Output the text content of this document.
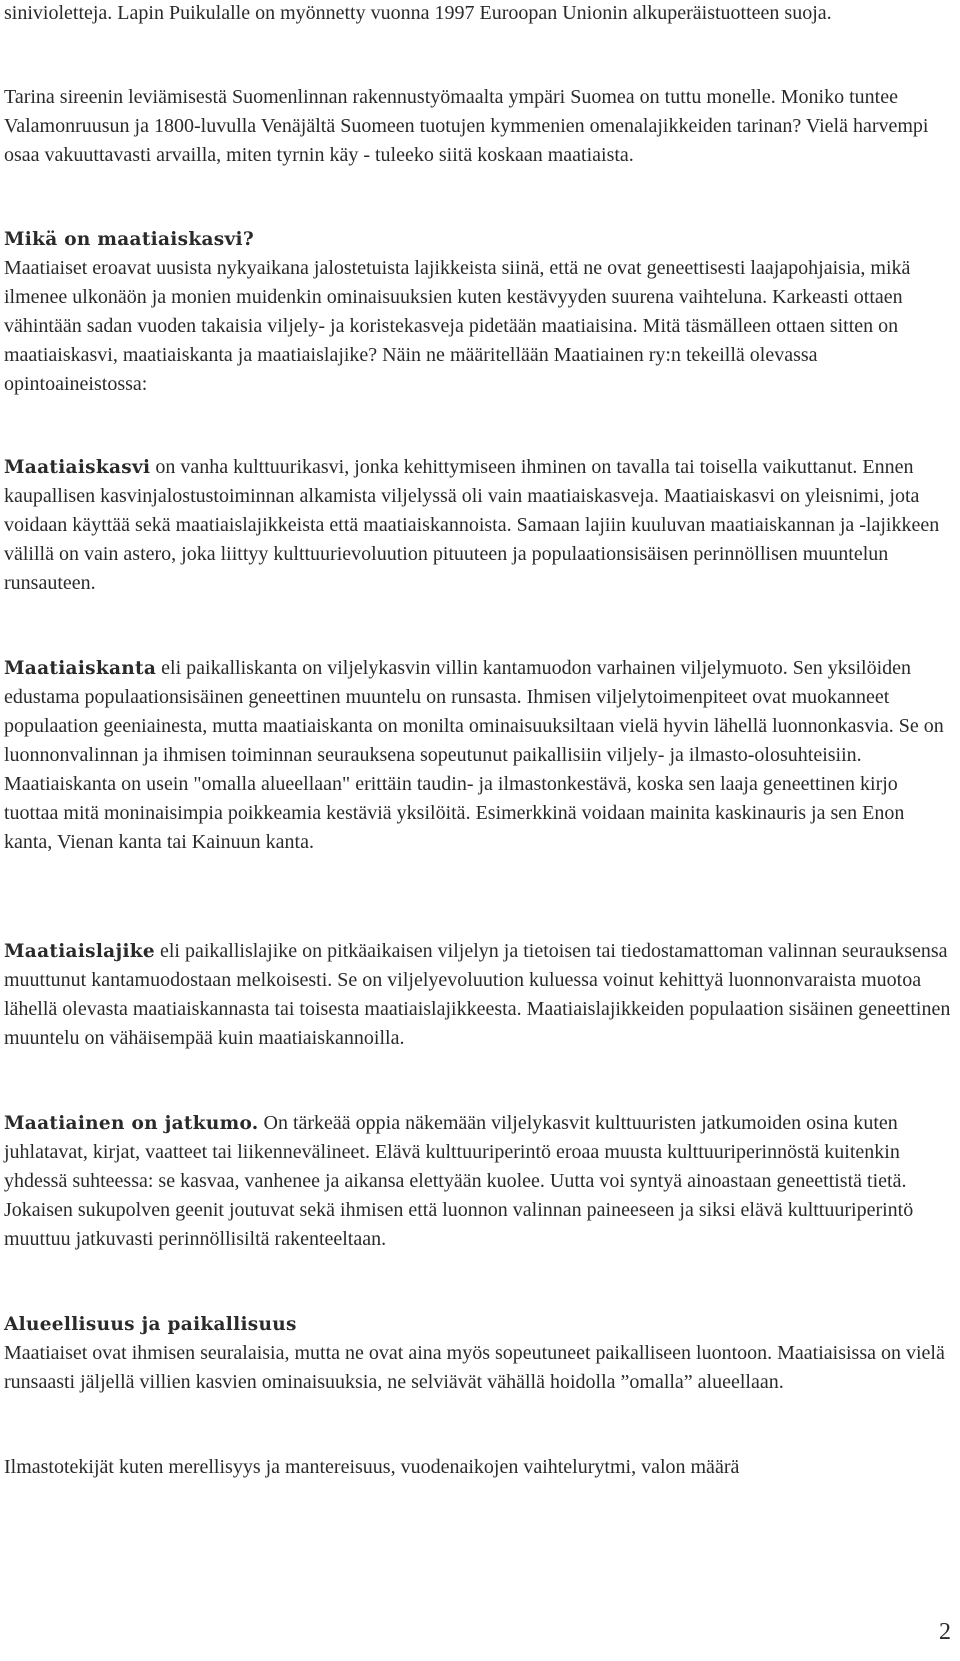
sinivioletteja. Lapin Puikulalle on myönnetty vuonna 1997 Euroopan Unionin alkuperäistuotteen suoja.

Tarina sireenin leviämisestä Suomenlinnan rakennustyömaalta ympäri Suomea on tuttu monelle. Moniko tuntee Valamonruusun ja 1800-luvulla Venäjältä Suomeen tuotujen kymmenien omenalajikkeiden tarinan? Vielä harvempi osaa vakuuttavasti arvailla, miten tyrnin käy - tuleeko siitä koskaan maatiaista.

Mikä on maatiaiskasvi?
Maatiaiset eroavat uusista nykyaikana jalostetuista lajikkeista siinä, että ne ovat geneettisesti laajapohjaisia, mikä ilmenee ulkonäön ja monien muidenkin ominaisuuksien kuten kestävyyden suurena vaihteluna. Karkeasti ottaen vähintään sadan vuoden takaisia viljely- ja koristekasveja pidetään maatiaisina. Mitä täsmälleen ottaen sitten on maatiaiskasvi, maatiaiskanta ja maatiaislajike? Näin ne määritellään Maatiainen ry:n tekeillä olevassa opintoaineistossa:

Maatiaiskasvi on vanha kulttuurikasvi, jonka kehittymiseen ihminen on tavalla tai toisella vaikuttanut. Ennen kaupallisen kasvinjalostustoiminnan alkamista viljelyssä oli vain maatiaiskasveja. Maatiaiskasvi on yleisnimi, jota voidaan käyttää sekä maatiaislajikkeista että maatiaiskannoista. Samaan lajiin kuuluvan maatiaiskannan ja -lajikkeen välillä on vain astero, joka liittyy kulttuurievoluution pituuteen ja populaationsisäisen perinnöllisen muuntelun runsauteen.

Maatiaiskanta eli paikalliskanta on viljelykasvin villin kantamuodon varhainen viljelymuoto. Sen yksilöiden edustama populaationsisäinen geneettinen muuntelu on runsasta. Ihmisen viljelytoimenpiteet ovat muokanneet populaation geeniainesta, mutta maatiaiskanta on monilta ominaisuuksiltaan vielä hyvin lähellä luonnonkasvia. Se on luonnonvalinnan ja ihmisen toiminnan seurauksena sopeutunut paikallisiin viljely- ja ilmasto-olosuhteisiin. Maatiaiskanta on usein "omalla alueellaan" erittäin taudin- ja ilmastonkestävä, koska sen laaja geneettinen kirjo tuottaa mitä moninaisimpia poikkeamia kestäviä yksilöitä. Esimerkkinä voidaan mainita kaskinauris ja sen Enon kanta, Vienan kanta tai Kainuun kanta.

Maatiaislajike eli paikallislajike on pitkäaikaisen viljelyn ja tietoisen tai tiedostamattoman valinnan seurauksensa muuttunut kantamuodostaan melkoisesti. Se on viljelyevoluution kuluessa voinut kehittyä luonnonvaraista muotoa lähellä olevasta maatiaiskannasta tai toisesta maatiaislajikkeesta. Maatiaislajikkeiden populaation sisäinen geneettinen muuntelu on vähäisempää kuin maatiaiskannoilla.

Maatiainen on jatkumo. On tärkeää oppia näkemään viljelykasvit kulttuuristen jatkumoiden osina kuten juhlatavat, kirjat, vaatteet tai liikennevälineet. Elävä kulttuuriperintö eroaa muusta kulttuuriperinnöstä kuitenkin yhdessä suhteessa: se kasvaa, vanhenee ja aikansa elettyään kuolee. Uutta voi syntyä ainoastaan geneettistä tietä. Jokaisen sukupolven geenit joutuvat sekä ihmisen että luonnon valinnan paineeseen ja siksi elävä kulttuuriperintö muuttuu jatkuvasti perinnöllisiltä rakenteeltaan.

Alueellisuus ja paikallisuus
Maatiaiset ovat ihmisen seuralaisia, mutta ne ovat aina myös sopeutuneet paikalliseen luontoon. Maatiaisissa on vielä runsaasti jäljellä villien kasvien ominaisuuksia, ne selviävät vähällä hoidolla ”omalla” alueellaan.

Ilmastotekijät kuten merellisyys ja mantereisuus, vuodenaikojen vaihtelurytmi, valon määrä

2
